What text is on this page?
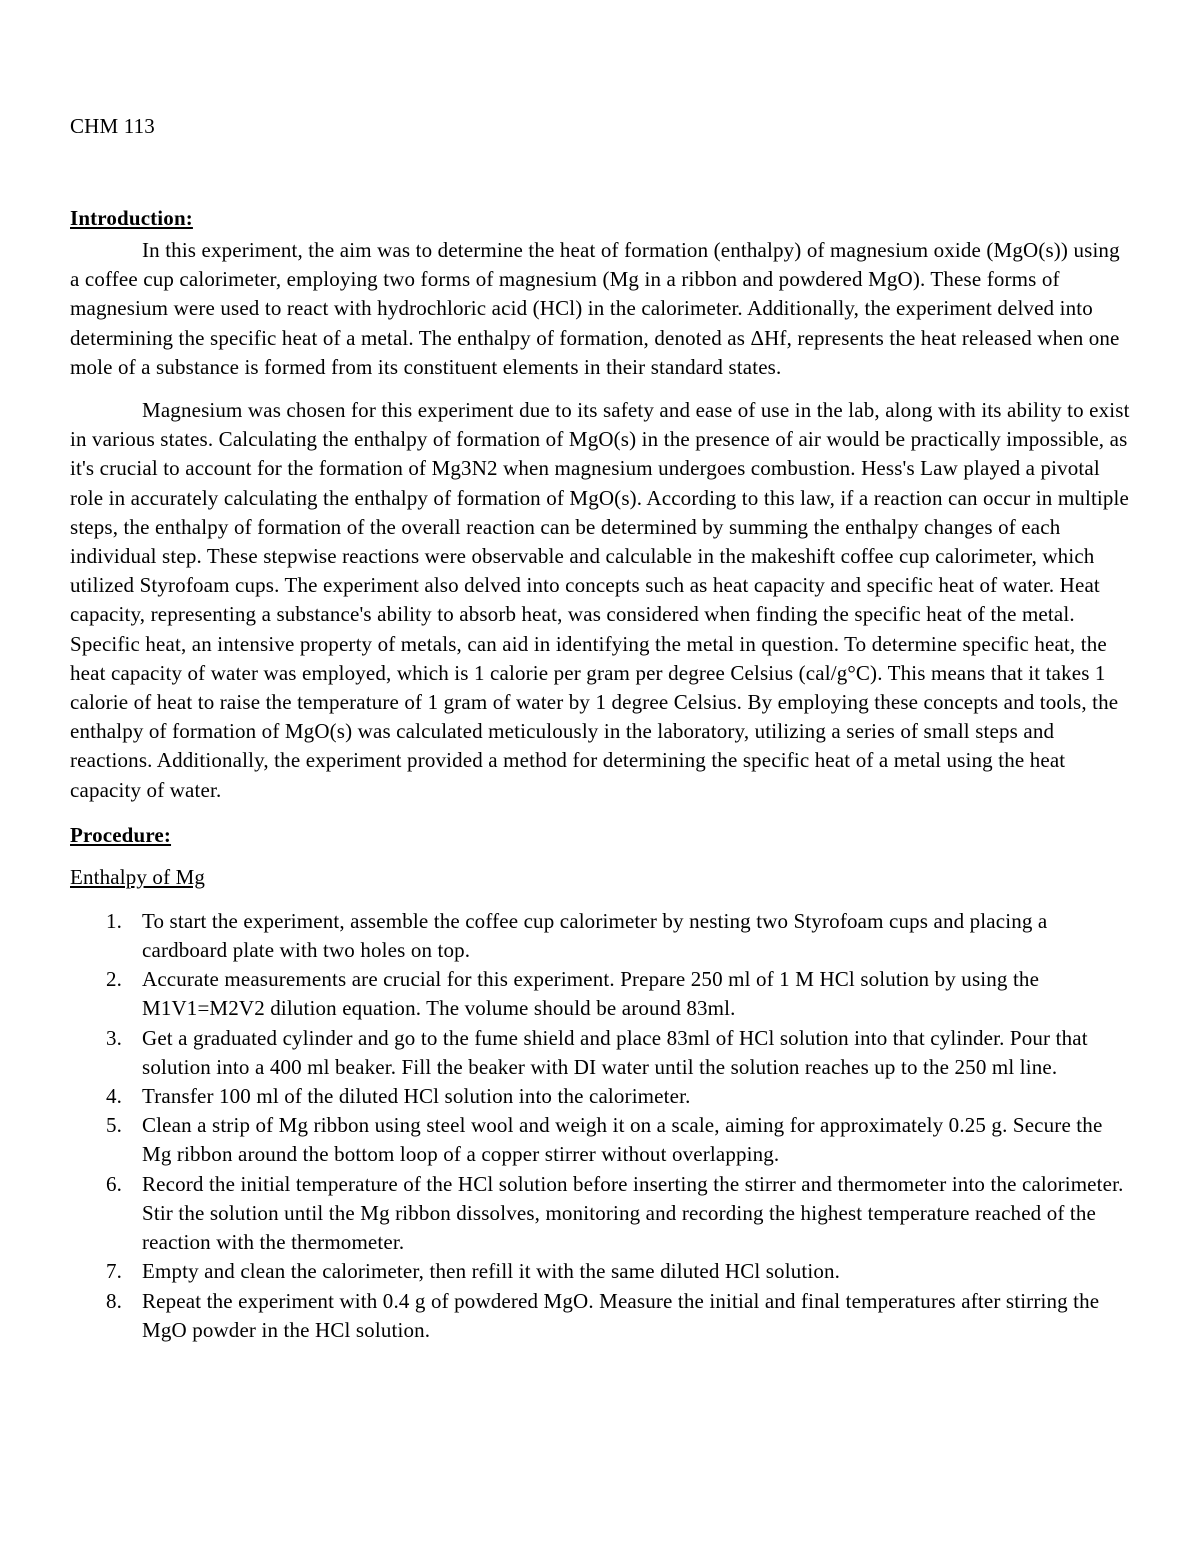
CHM 113

Introduction:

In this experiment, the aim was to determine the heat of formation (enthalpy) of magnesium oxide (MgO(s)) using a coffee cup calorimeter, employing two forms of magnesium (Mg in a ribbon and powdered MgO). These forms of magnesium were used to react with hydrochloric acid (HCl) in the calorimeter. Additionally, the experiment delved into determining the specific heat of a metal. The enthalpy of formation, denoted as ΔHf, represents the heat released when one mole of a substance is formed from its constituent elements in their standard states.

Magnesium was chosen for this experiment due to its safety and ease of use in the lab, along with its ability to exist in various states. Calculating the enthalpy of formation of MgO(s) in the presence of air would be practically impossible, as it's crucial to account for the formation of Mg3N2 when magnesium undergoes combustion. Hess's Law played a pivotal role in accurately calculating the enthalpy of formation of MgO(s). According to this law, if a reaction can occur in multiple steps, the enthalpy of formation of the overall reaction can be determined by summing the enthalpy changes of each individual step. These stepwise reactions were observable and calculable in the makeshift coffee cup calorimeter, which utilized Styrofoam cups. The experiment also delved into concepts such as heat capacity and specific heat of water. Heat capacity, representing a substance's ability to absorb heat, was considered when finding the specific heat of the metal. Specific heat, an intensive property of metals, can aid in identifying the metal in question. To determine specific heat, the heat capacity of water was employed, which is 1 calorie per gram per degree Celsius (cal/g°C). This means that it takes 1 calorie of heat to raise the temperature of 1 gram of water by 1 degree Celsius. By employing these concepts and tools, the enthalpy of formation of MgO(s) was calculated meticulously in the laboratory, utilizing a series of small steps and reactions. Additionally, the experiment provided a method for determining the specific heat of a metal using the heat capacity of water.

Procedure:

Enthalpy of Mg

1. To start the experiment, assemble the coffee cup calorimeter by nesting two Styrofoam cups and placing a cardboard plate with two holes on top.
2. Accurate measurements are crucial for this experiment. Prepare 250 ml of 1 M HCl solution by using the M1V1=M2V2 dilution equation. The volume should be around 83ml.
3. Get a graduated cylinder and go to the fume shield and place 83ml of HCl solution into that cylinder. Pour that solution into a 400 ml beaker. Fill the beaker with DI water until the solution reaches up to the 250 ml line.
4. Transfer 100 ml of the diluted HCl solution into the calorimeter.
5. Clean a strip of Mg ribbon using steel wool and weigh it on a scale, aiming for approximately 0.25 g. Secure the Mg ribbon around the bottom loop of a copper stirrer without overlapping.
6. Record the initial temperature of the HCl solution before inserting the stirrer and thermometer into the calorimeter. Stir the solution until the Mg ribbon dissolves, monitoring and recording the highest temperature reached of the reaction with the thermometer.
7. Empty and clean the calorimeter, then refill it with the same diluted HCl solution.
8. Repeat the experiment with 0.4 g of powdered MgO. Measure the initial and final temperatures after stirring the MgO powder in the HCl solution.
